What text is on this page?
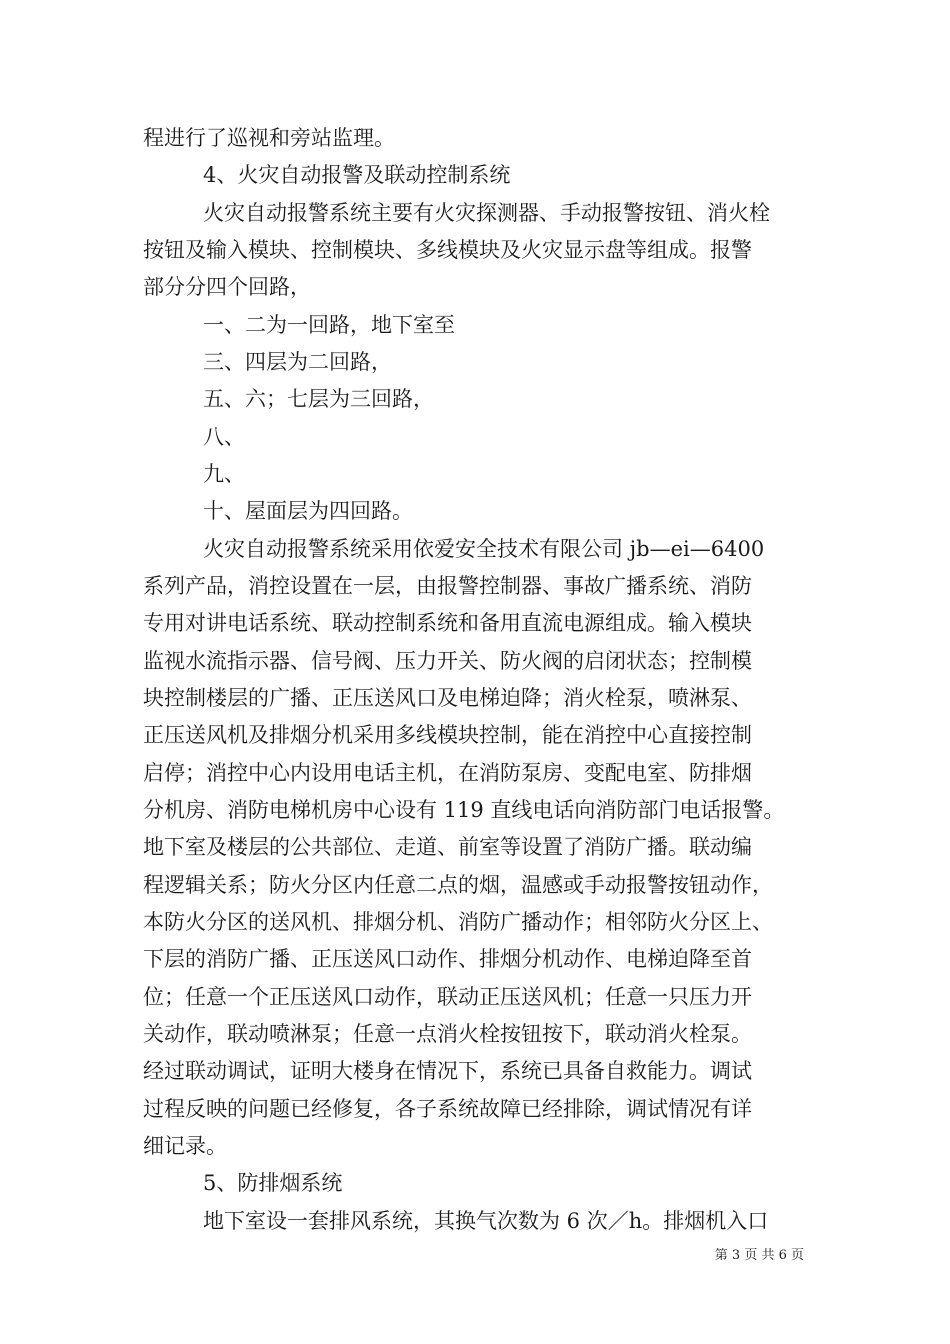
程进行了巡视和旁站监理。
4、火灾自动报警及联动控制系统
火灾自动报警系统主要有火灾探测器、手动报警按钮、消火栓
按钮及输入模块、控制模块、多线模块及火灾显示盘等组成。报警
部分分四个回路，
一、二为一回路，地下室至
三、四层为二回路，
五、六；七层为三回路，
八、
九、
十、屋面层为四回路。
火灾自动报警系统采用依爱安全技术有限公司 jb—ei—6400
系列产品，消控设置在一层，由报警控制器、事故广播系统、消防
专用对讲电话系统、联动控制系统和备用直流电源组成。输入模块
监视水流指示器、信号阀、压力开关、防火阀的启闭状态；控制模
块控制楼层的广播、正压送风口及电梯迫降；消火栓泵，喷淋泵、
正压送风机及排烟分机采用多线模块控制，能在消控中心直接控制
启停；消控中心内设用电话主机，在消防泵房、变配电室、防排烟
分机房、消防电梯机房中心设有 119 直线电话向消防部门电话报警。
地下室及楼层的公共部位、走道、前室等设置了消防广播。联动编
程逻辑关系；防火分区内任意二点的烟，温感或手动报警按钮动作，
本防火分区的送风机、排烟分机、消防广播动作；相邻防火分区上、
下层的消防广播、正压送风口动作、排烟分机动作、电梯迫降至首
位；任意一个正压送风口动作，联动正压送风机；任意一只压力开
关动作，联动喷淋泵；任意一点消火栓按钮按下，联动消火栓泵。
经过联动调试，证明大楼身在情况下，系统已具备自救能力。调试
过程反映的问题已经修复，各子系统故障已经排除，调试情况有详
细记录。
5、防排烟系统
地下室设一套排风系统，其换气次数为 6 次／h。排烟机入口
第 3 页 共 6 页
